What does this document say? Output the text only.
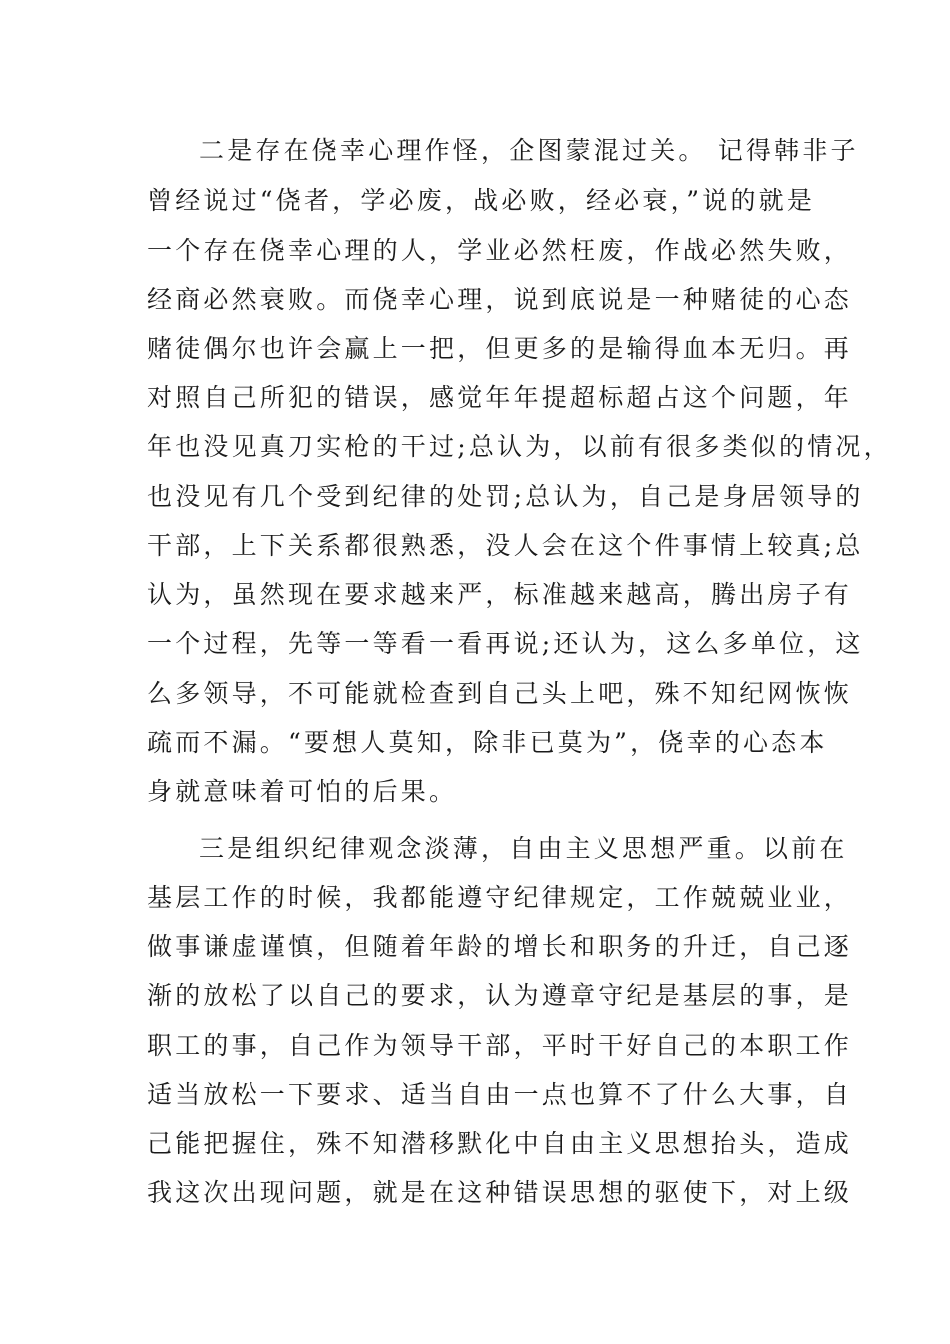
二是存在侥幸心理作怪，企图蒙混过关。 记得韩非子
曾经说过“侥者，学必废，战必败，经必衰，”说的就是
一个存在侥幸心理的人，学业必然枉废，作战必然失败，
经商必然衰败。而侥幸心理，说到底说是一种赌徒的心态
赌徒偶尔也许会赢上一把，但更多的是输得血本无归。再
对照自己所犯的错误，感觉年年提超标超占这个问题，年
年也没见真刀实枪的干过;总认为，以前有很多类似的情况，
也没见有几个受到纪律的处罚;总认为，自己是身居领导的
干部，上下关系都很熟悉，没人会在这个件事情上较真;总
认为，虽然现在要求越来严，标准越来越高，腾出房子有
一个过程，先等一等看一看再说;还认为，这么多单位，这
么多领导，不可能就检查到自己头上吧，殊不知纪网恢恢
疏而不漏。“要想人莫知，除非已莫为”，侥幸的心态本
身就意味着可怕的后果。
三是组织纪律观念淡薄，自由主义思想严重。以前在
基层工作的时候，我都能遵守纪律规定，工作兢兢业业，
做事谦虚谨慎，但随着年龄的增长和职务的升迁，自己逐
渐的放松了以自己的要求，认为遵章守纪是基层的事，是
职工的事，自己作为领导干部，平时干好自己的本职工作
适当放松一下要求、适当自由一点也算不了什么大事，自
己能把握住，殊不知潜移默化中自由主义思想抬头，造成
我这次出现问题，就是在这种错误思想的驱使下，对上级
